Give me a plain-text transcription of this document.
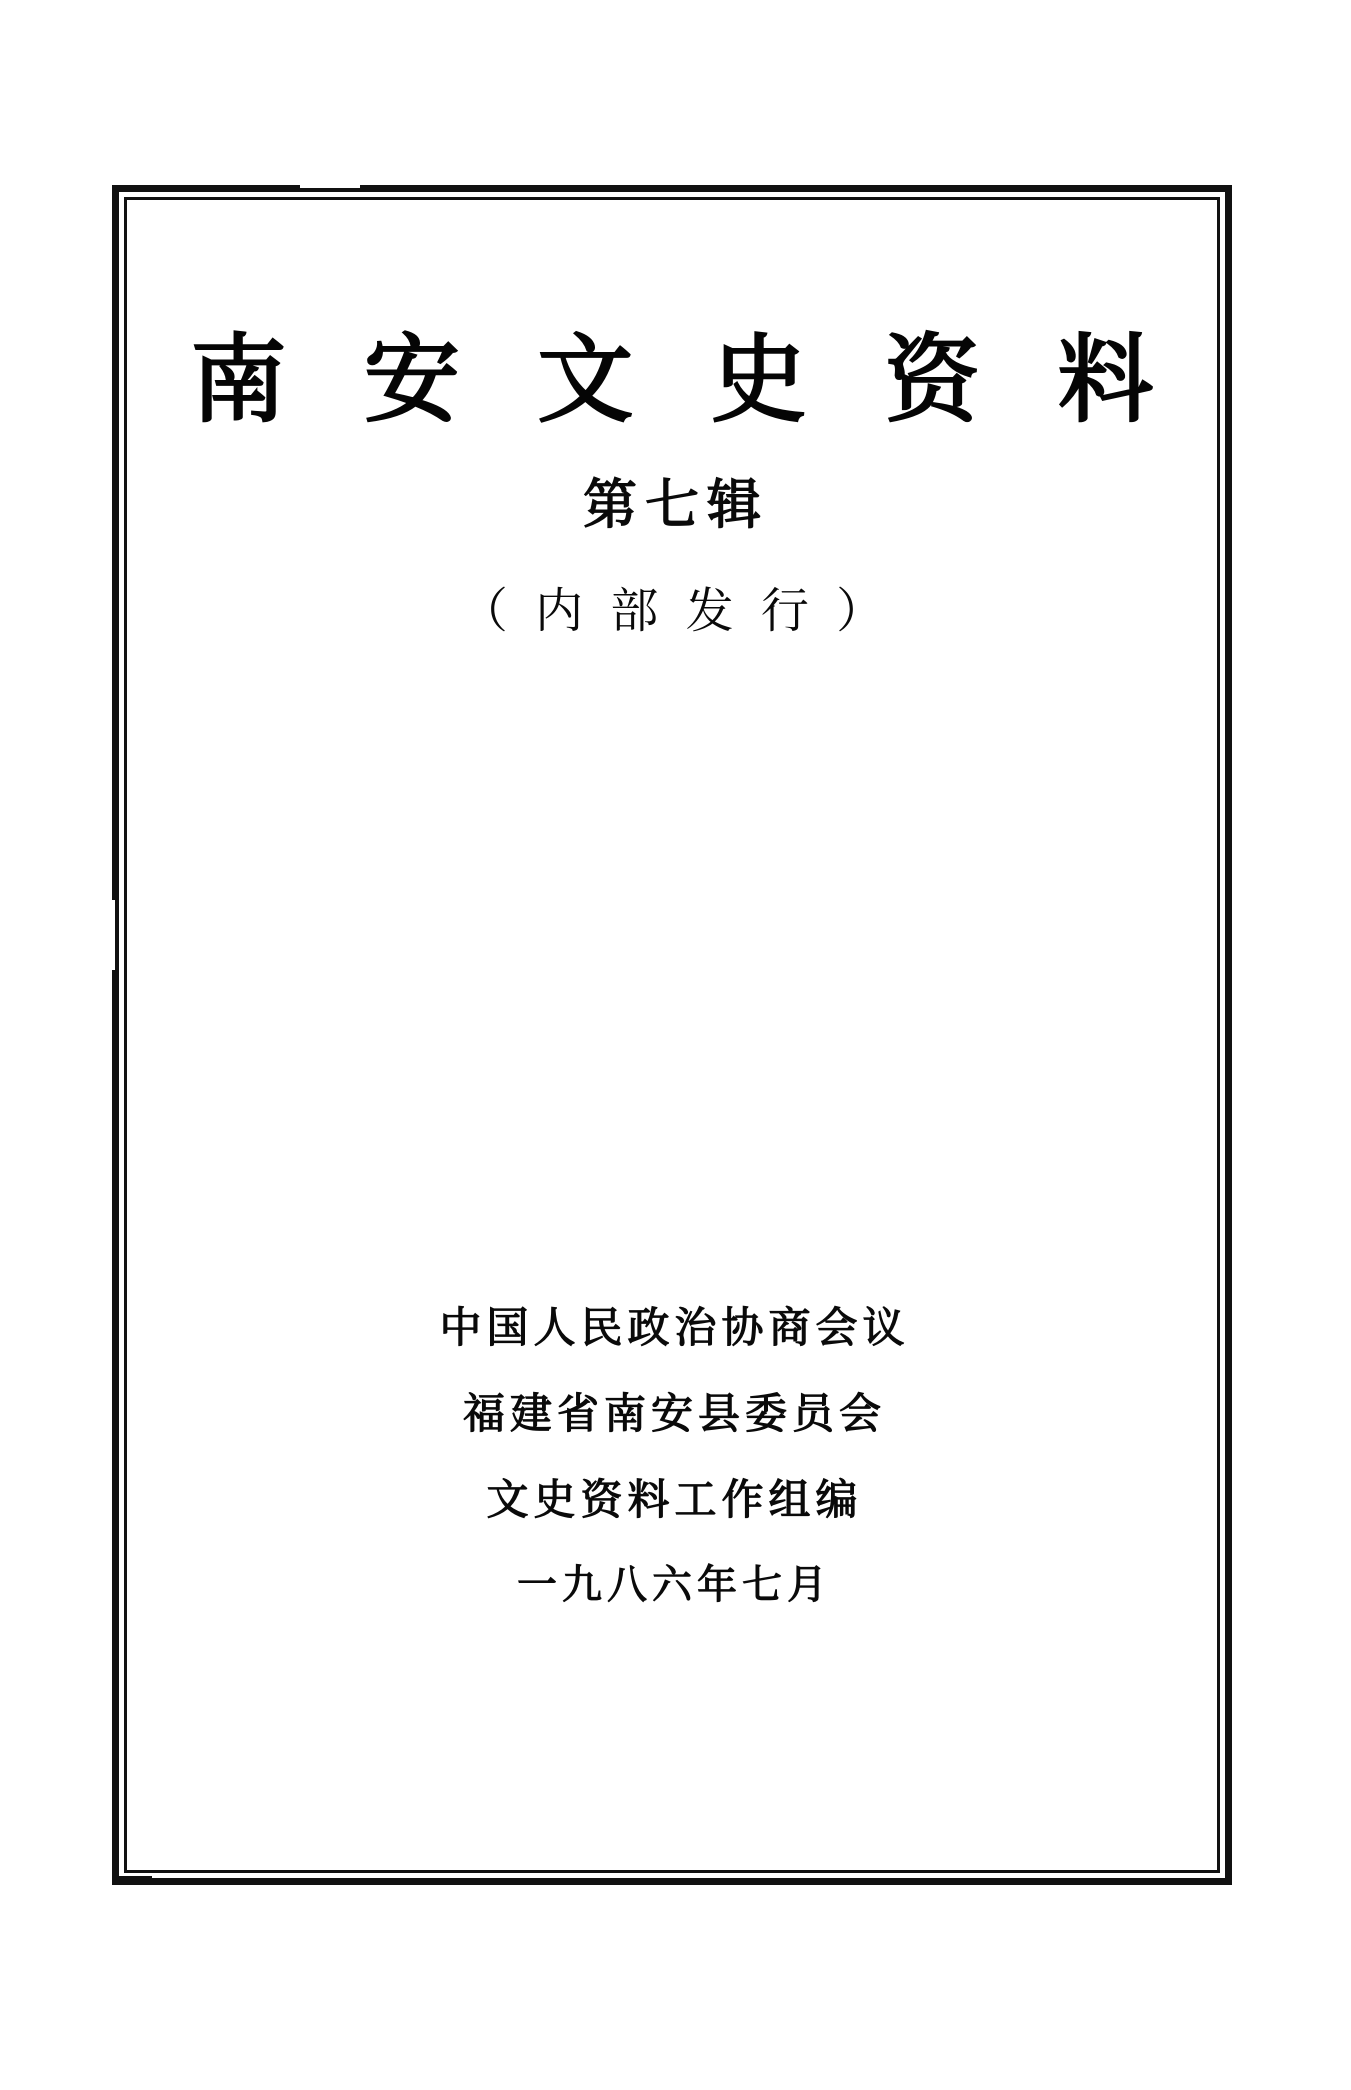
南 安 文 史 资 料
第七辑
（ 内 部 发 行 ）
中国人民政治协商会议
福建省南安县委员会
文史资料工作组编
一九八六年七月
